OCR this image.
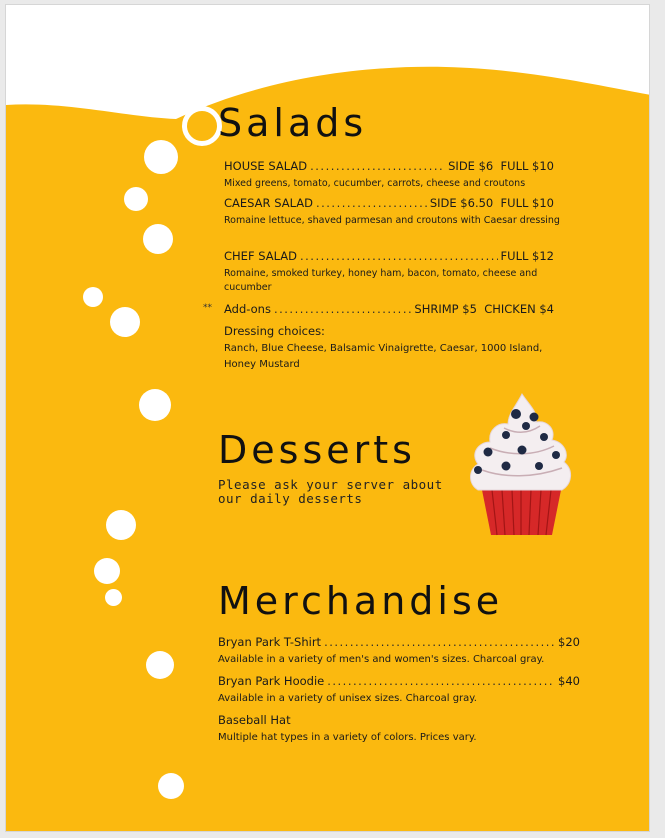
Salads
HOUSE SALAD .....	SIDE $6  FULL $10
Mixed greens, tomato, cucumber, carrots, cheese and croutons
CAESAR SALAD .....	SIDE $6.50  FULL $10
Romaine lettuce, shaved parmesan and croutons with Caesar dressing
CHEF SALAD .....	FULL $12
Romaine, smoked turkey, honey ham, bacon, tomato, cheese and
cucumber
** Add-ons .....	SHRIMP $5  CHICKEN $4
Dressing choices:
Ranch, Blue Cheese, Balsamic Vinaigrette, Caesar, 1000 Island,
Honey Mustard
Desserts
Please ask your server about
our daily desserts
Merchandise
Bryan Park T-Shirt .....	$20
Available in a variety of men's and women's sizes. Charcoal gray.
Bryan Park Hoodie .....	$40
Available in a variety of unisex sizes. Charcoal gray.
Baseball Hat
Multiple hat types in a variety of colors. Prices vary.
